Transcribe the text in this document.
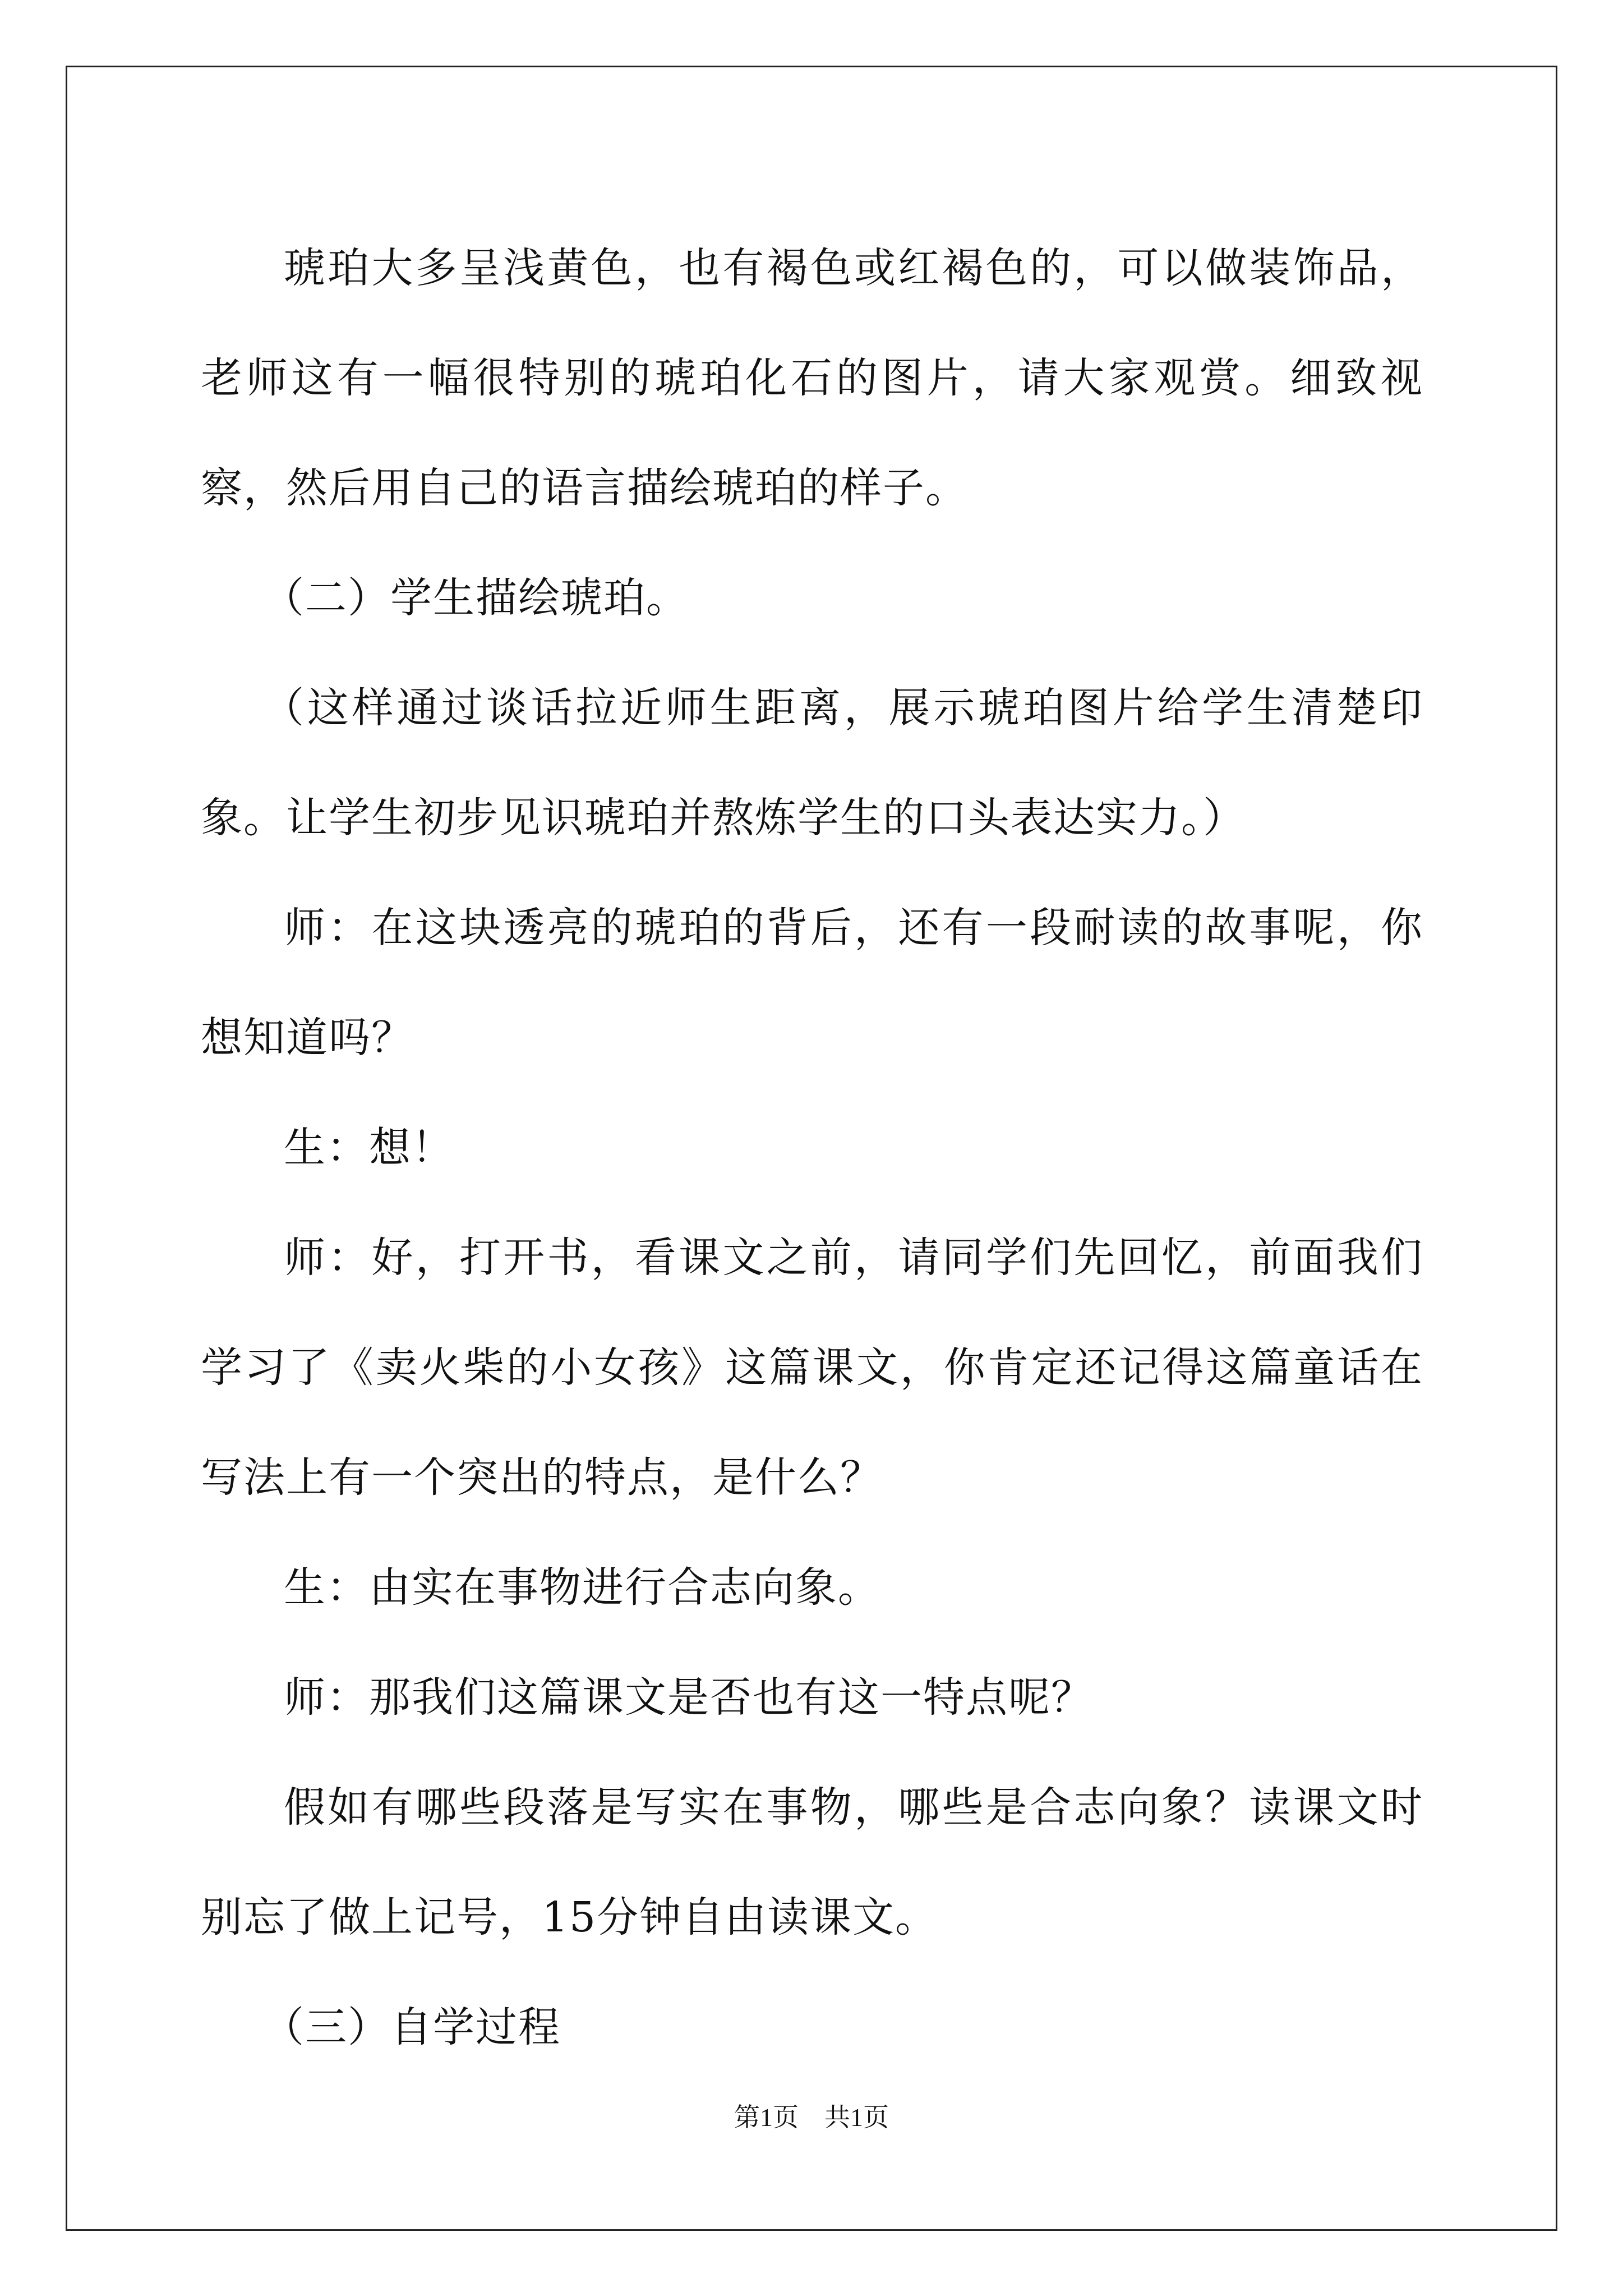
琥珀大多呈浅黄色，也有褐色或红褐色的，可以做装饰品，老师这有一幅很特别的琥珀化石的图片，请大家观赏。细致视察，然后用自己的语言描绘琥珀的样子。

（二）学生描绘琥珀。

（这样通过谈话拉近师生距离，展示琥珀图片给学生清楚印象。让学生初步见识琥珀并熬炼学生的口头表达实力。）

师：在这块透亮的琥珀的背后，还有一段耐读的故事呢，你想知道吗？

生：想！

师：好，打开书，看课文之前，请同学们先回忆，前面我们学习了《卖火柴的小女孩》这篇课文，你肯定还记得这篇童话在写法上有一个突出的特点，是什么？

生：由实在事物进行合志向象。

师：那我们这篇课文是否也有这一特点呢？

假如有哪些段落是写实在事物，哪些是合志向象？读课文时别忘了做上记号，15分钟自由读课文。

（三）自学过程

第1页　共1页
